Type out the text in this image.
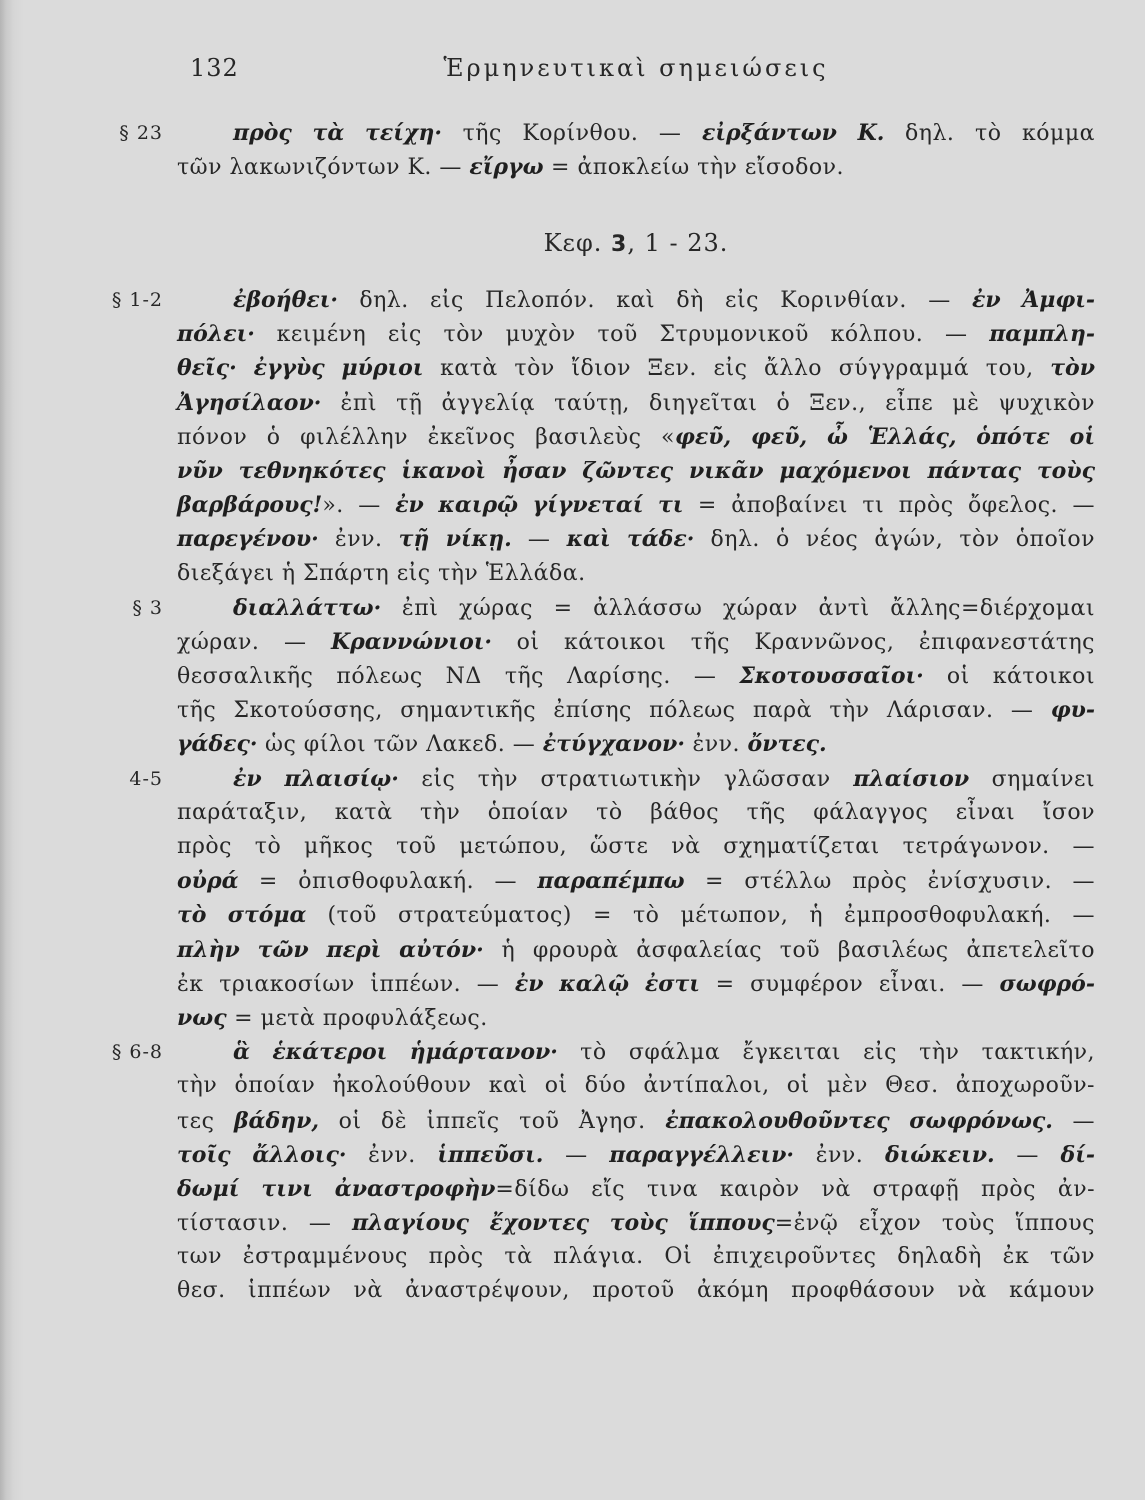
132	Ἑρμηνευτικαὶ σημειώσεις
§ 23	πρὸς τὰ τείχη· τῆς Κορίνθου. — εἰρξάντων Κ. δηλ. τὸ κόμμα
τῶν λακωνιζόντων Κ. — εἴργω = ἀποκλείω τὴν εἴσοδον.
Κεφ. 3, 1 - 23.
§ 1-2	ἐβοήθει· δηλ. εἰς Πελοπόν. καὶ δὴ εἰς Κορινθίαν. — ἐν Ἀμφι-
πόλει· κειμένη εἰς τὸν μυχὸν τοῦ Στρυμονικοῦ κόλπου. — παμπλη-
θεῖς· ἐγγὺς μύριοι κατὰ τὸν ἴδιον Ξεν. εἰς ἄλλο σύγγραμμά του, τὸν
Ἀγησίλαον· ἐπὶ τῇ ἀγγελίᾳ ταύτῃ, διηγεῖται ὁ Ξεν., εἶπε μὲ ψυχικὸν
πόνον ὁ φιλέλλην ἐκεῖνος βασιλεὺς «φεῦ, φεῦ, ὦ Ἑλλάς, ὁπότε οἱ
νῦν τεθνηκότες ἱκανοὶ ἦσαν ζῶντες νικᾶν μαχόμενοι πάντας τοὺς
βαρβάρους!». — ἐν καιρῷ γίγνεταί τι = ἀποβαίνει τι πρὸς ὄφελος. —
παρεγένου· ἐνν. τῇ νίκῃ. — καὶ τάδε· δηλ. ὁ νέος ἀγών, τὸν ὁποῖον
διεξάγει ἡ Σπάρτη εἰς τὴν Ἑλλάδα.
§ 3	διαλλάττω· ἐπὶ χώρας = ἀλλάσσω χώραν ἀντὶ ἄλλης=διέρχομαι
χώραν. — Κραννώνιοι· οἱ κάτοικοι τῆς Κραννῶνος, ἐπιφανεστάτης
θεσσαλικῆς πόλεως ΝΔ τῆς Λαρίσης. — Σκοτουσσαῖοι· οἱ κάτοικοι
τῆς Σκοτούσσης, σημαντικῆς ἐπίσης πόλεως παρὰ τὴν Λάρισαν. — φυ-
γάδες· ὡς φίλοι τῶν Λακεδ. — ἐτύγχανον· ἐνν. ὄντες.
4-5	ἐν πλαισίῳ· εἰς τὴν στρατιωτικὴν γλῶσσαν πλαίσιον σημαίνει
παράταξιν, κατὰ τὴν ὁποίαν τὸ βάθος τῆς φάλαγγος εἶναι ἴσον
πρὸς τὸ μῆκος τοῦ μετώπου, ὥστε νὰ σχηματίζεται τετράγωνον. —
οὐρά = ὀπισθοφυλακή. — παραπέμπω = στέλλω πρὸς ἐνίσχυσιν. —
τὸ στόμα (τοῦ στρατεύματος) = τὸ μέτωπον, ἡ ἐμπροσθοφυλακή. —
πλὴν τῶν περὶ αὐτόν· ἡ φρουρὰ ἀσφαλείας τοῦ βασιλέως ἀπετελεῖτο
ἐκ τριακοσίων ἱππέων. — ἐν καλῷ ἐστι = συμφέρον εἶναι. — σωφρό-
νως = μετὰ προφυλάξεως.
§ 6-8	ἃ ἑκάτεροι ἡμάρτανον· τὸ σφάλμα ἔγκειται εἰς τὴν τακτικήν,
τὴν ὁποίαν ἠκολούθουν καὶ οἱ δύο ἀντίπαλοι, οἱ μὲν Θεσ. ἀποχωροῦν-
τες βάδην, οἱ δὲ ἱππεῖς τοῦ Ἀγησ. ἐπακολουθοῦντες σωφρόνως. —
τοῖς ἄλλοις· ἐνν. ἱππεῦσι. — παραγγέλλειν· ἐνν. διώκειν. — δί-
δωμί τινι ἀναστροφὴν=δίδω εἴς τινα καιρὸν νὰ στραφῇ πρὸς ἀν-
τίστασιν. — πλαγίους ἔχοντες τοὺς ἵππους=ἐνῷ εἶχον τοὺς ἵππους
των ἐστραμμένους πρὸς τὰ πλάγια. Οἱ ἐπιχειροῦντες δηλαδὴ ἐκ τῶν
θεσ. ἱππέων νὰ ἀναστρέψουν, προτοῦ ἀκόμη προφθάσουν νὰ κάμουν
